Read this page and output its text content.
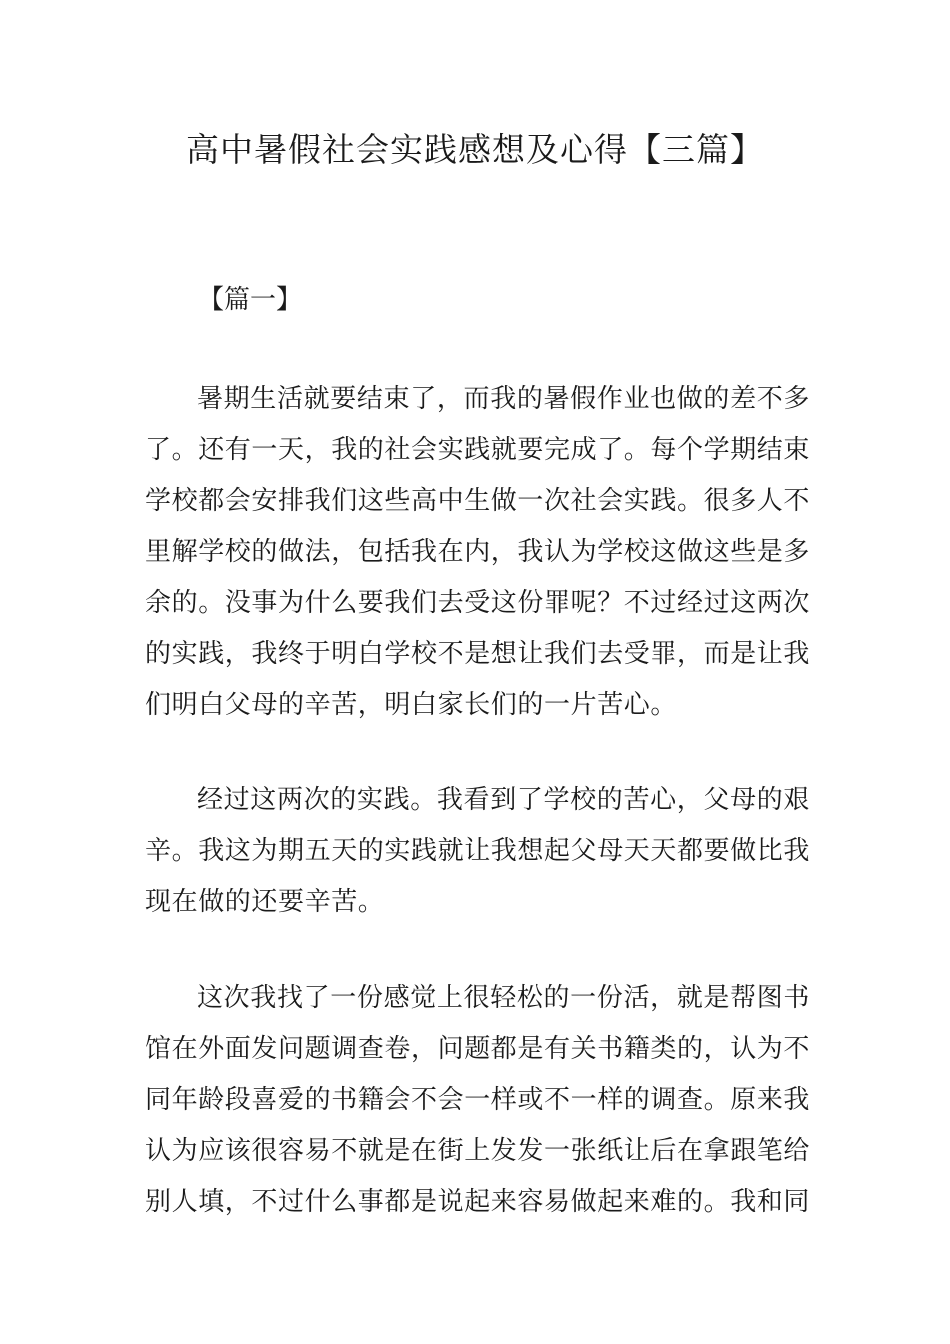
高中暑假社会实践感想及心得【三篇】
【篇一】

暑期生活就要结束了，而我的暑假作业也做的差不多了。还有一天，我的社会实践就要完成了。每个学期结束学校都会安排我们这些高中生做一次社会实践。很多人不里解学校的做法，包括我在内，我认为学校这做这些是多余的。没事为什么要我们去受这份罪呢？不过经过这两次的实践，我终于明白学校不是想让我们去受罪，而是让我们明白父母的辛苦，明白家长们的一片苦心。

经过这两次的实践。我看到了学校的苦心，父母的艰辛。我这为期五天的实践就让我想起父母天天都要做比我现在做的还要辛苦。

这次我找了一份感觉上很轻松的一份活，就是帮图书馆在外面发问题调查卷，问题都是有关书籍类的，认为不同年龄段喜爱的书籍会不会一样或不一样的调查。原来我认为应该很容易不就是在街上发发一张纸让后在拿跟笔给别人填，不过什么事都是说起来容易做起来难的。我和同
